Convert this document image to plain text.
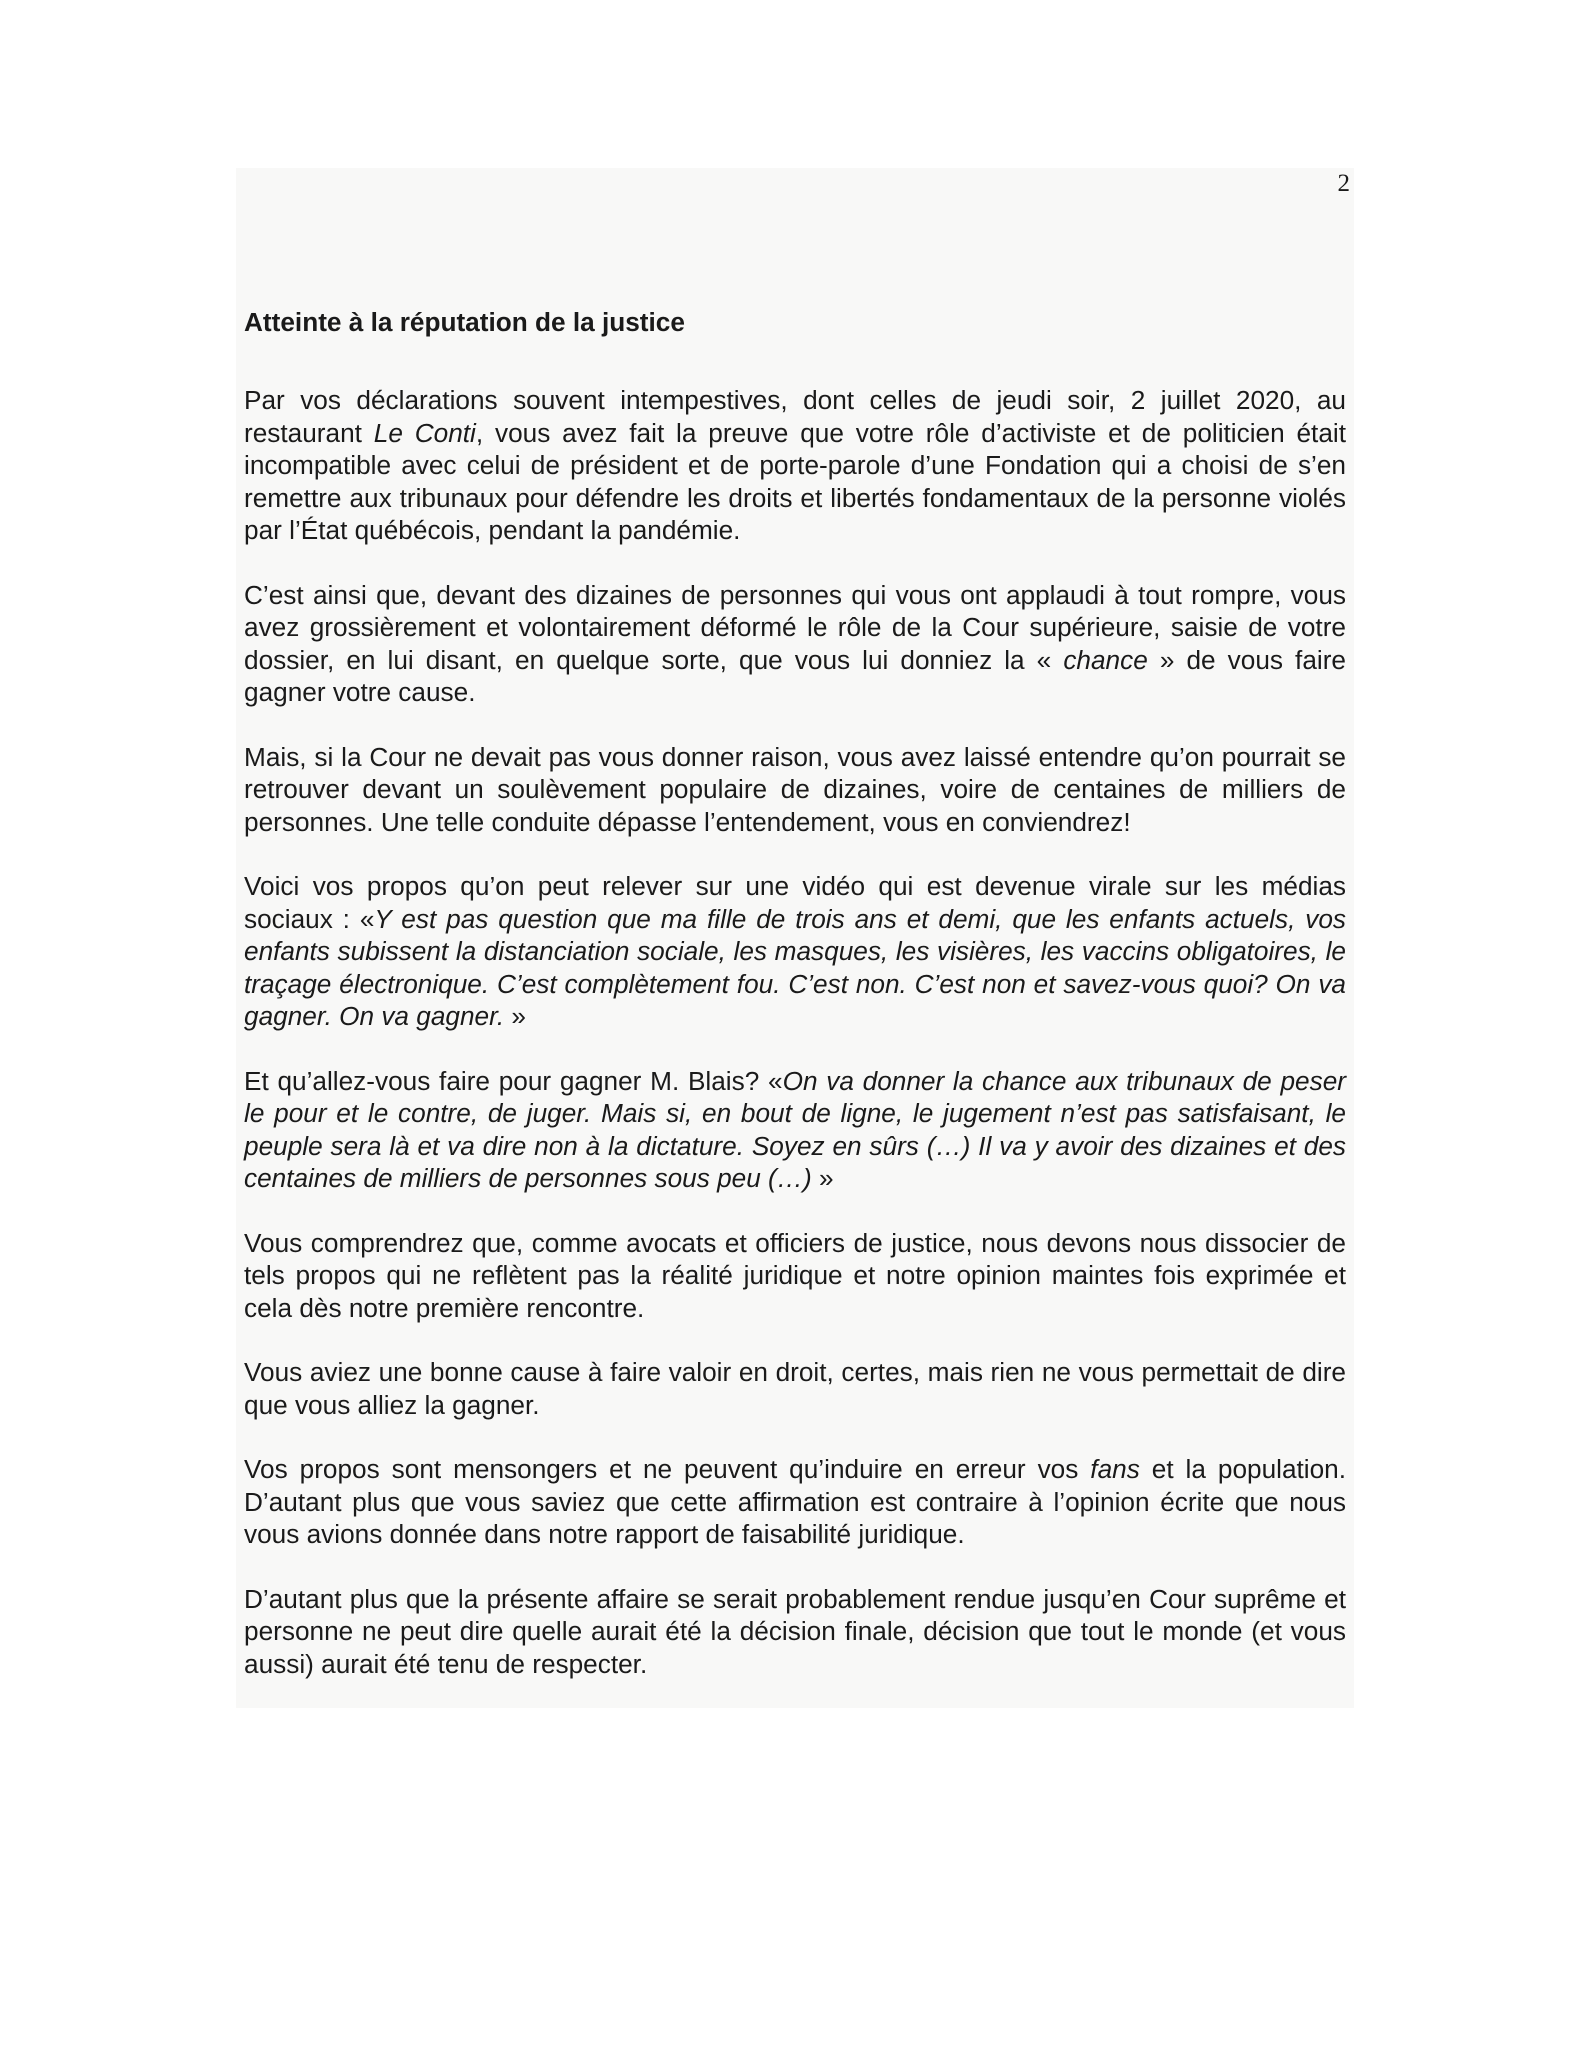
2

Atteinte à la réputation de la justice

Par vos déclarations souvent intempestives, dont celles de jeudi soir, 2 juillet 2020, au restaurant Le Conti, vous avez fait la preuve que votre rôle d’activiste et de politicien était incompatible avec celui de président et de porte-parole d’une Fondation qui a choisi de s’en remettre aux tribunaux pour défendre les droits et libertés fondamentaux de la personne violés par l’État québécois, pendant la pandémie.

C’est ainsi que, devant des dizaines de personnes qui vous ont applaudi à tout rompre, vous avez grossièrement et volontairement déformé le rôle de la Cour supérieure, saisie de votre dossier, en lui disant, en quelque sorte, que vous lui donniez la « chance » de vous faire gagner votre cause.

Mais, si la Cour ne devait pas vous donner raison, vous avez laissé entendre qu’on pourrait se retrouver devant un soulèvement populaire de dizaines, voire de centaines de milliers de personnes. Une telle conduite dépasse l’entendement, vous en conviendrez!

Voici vos propos qu’on peut relever sur une vidéo qui est devenue virale sur les médias sociaux : «Y est pas question que ma fille de trois ans et demi, que les enfants actuels, vos enfants subissent la distanciation sociale, les masques, les visières, les vaccins obligatoires, le traçage électronique. C’est complètement fou. C’est non. C’est non et savez-vous quoi? On va gagner. On va gagner. »

Et qu’allez-vous faire pour gagner M. Blais? «On va donner la chance aux tribunaux de peser le pour et le contre, de juger. Mais si, en bout de ligne, le jugement n’est pas satisfaisant, le peuple sera là et va dire non à la dictature. Soyez en sûrs (…) Il va y avoir des dizaines et des centaines de milliers de personnes sous peu (…) »

Vous comprendrez que, comme avocats et officiers de justice, nous devons nous dissocier de tels propos qui ne reflètent pas la réalité juridique et notre opinion maintes fois exprimée et cela dès notre première rencontre.

Vous aviez une bonne cause à faire valoir en droit, certes, mais rien ne vous permettait de dire que vous alliez la gagner.

Vos propos sont mensongers et ne peuvent qu’induire en erreur vos fans et la population. D’autant plus que vous saviez que cette affirmation est contraire à l’opinion écrite que nous vous avions donnée dans notre rapport de faisabilité juridique.

D’autant plus que la présente affaire se serait probablement rendue jusqu’en Cour suprême et personne ne peut dire quelle aurait été la décision finale, décision que tout le monde (et vous aussi) aurait été tenu de respecter.
